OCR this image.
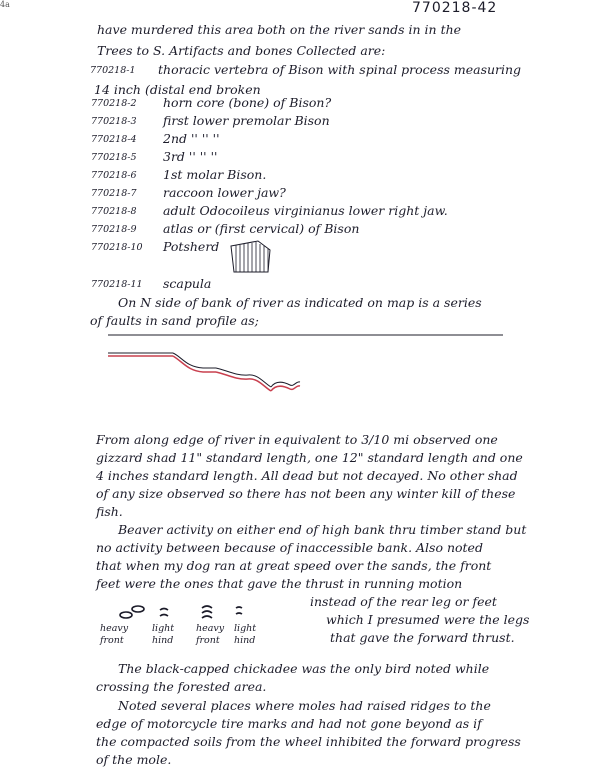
4a	770218-42
have murdered this area both on the river sands in in the
Trees to S. Artifacts and bones Collected are:
770218-1 thoracic vertebra of Bison with spinal process measuring
14 inch (distal end broken
770218-2 horn core (bone) of Bison?
770218-3 first lower premolar Bison
770218-4 2nd '' '' ''
770218-5 3rd '' '' ''
770218-6 1st molar Bison.
770218-7 raccoon lower jaw?
770218-8 adult Odocoileus virginianus lower right jaw.
770218-9 atlas or (first cervical) of Bison
770218-10 Potsherd
770218-11 scapula
On N side of bank of river as indicated on map is a series
of faults in sand profile as;
From along edge of river in equivalent to 3/10 mi observed one
gizzard shad 11" standard length, one 12" standard length and one
4 inches standard length. All dead but not decayed. No other shad
of any size observed so there has not been any winter kill of these
fish.
Beaver activity on either end of high bank thru timber stand but
no activity between because of inaccessible bank. Also noted
that when my dog ran at great speed over the sands, the front
feet were the ones that gave the thrust in running motion
instead of the rear leg or feet
which I presumed were the legs
that gave the forward thrust.
heavy
front
light
hind
heavy
front
light
hind
The black-capped chickadee was the only bird noted while
crossing the forested area.
Noted several places where moles had raised ridges to the
edge of motorcycle tire marks and had not gone beyond as if
the compacted soils from the wheel inhibited the forward progress
of the mole.
